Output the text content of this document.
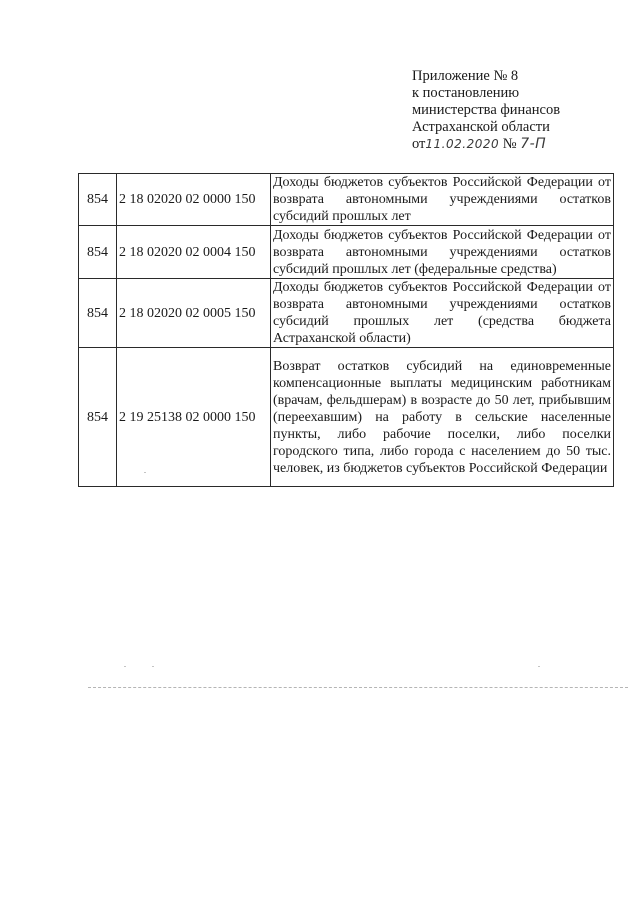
Приложение № 8
к постановлению
министерства финансов
Астраханской области
от11.02.2020 № 7-П
854	2 18 02020 02 0000 150	Доходы бюджетов субъектов Российской Федерации от возврата автономными учреждениями остатков субсидий прошлых лет
854	2 18 02020 02 0004 150	Доходы бюджетов субъектов Российской Федерации от возврата автономными учреждениями остатков субсидий прошлых лет (федеральные средства)
854	2 18 02020 02 0005 150	Доходы бюджетов субъектов Российской Федерации от возврата автономными учреждениями остатков субсидий прошлых лет (средства бюджета Астраханской области)
854	2 19 25138 02 0000 150	Возврат остатков субсидий на единовременные компенсационные выплаты медицинским работникам (врачам, фельдшерам) в возрасте до 50 лет, прибывшим (переехавшим) на работу в сельские населенные пункты, либо рабочие поселки, либо поселки городского типа, либо города с населением до 50 тыс. человек, из бюджетов субъектов Российской Федерации
